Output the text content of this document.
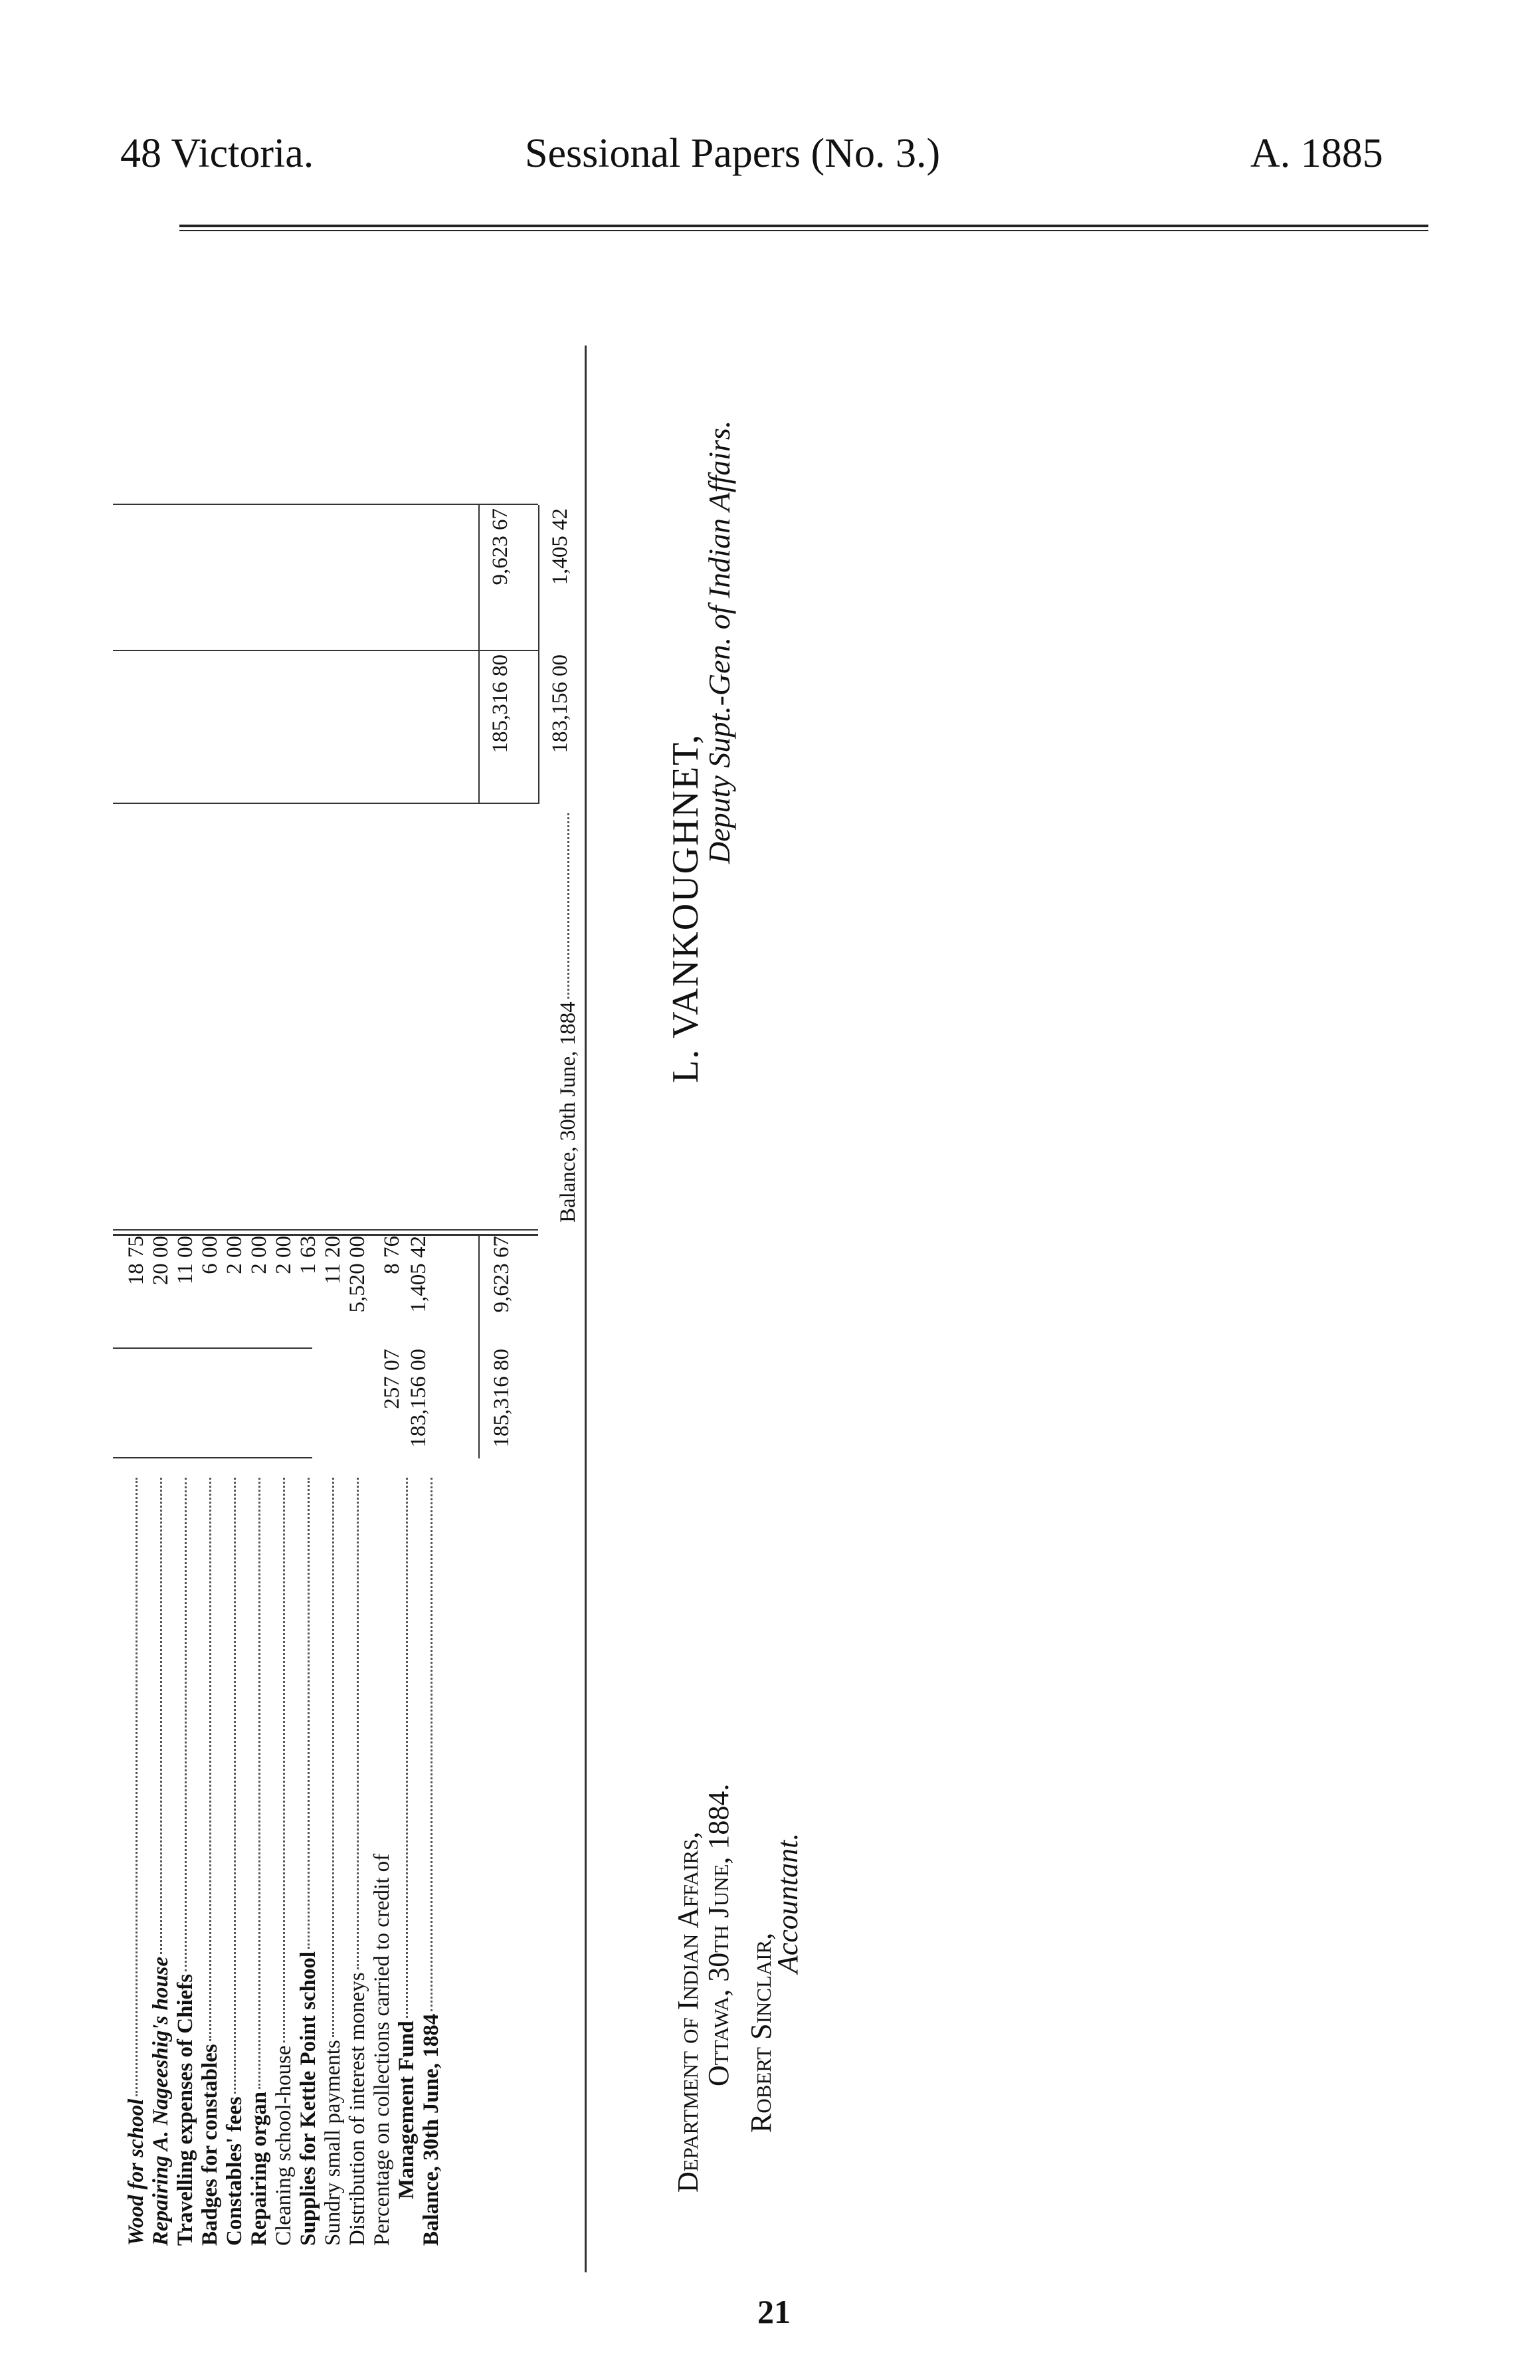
48 Victoria.	Sessional Papers (No. 3.)	A. 1885
Wood for school
18 75
Repairing A. Nageeshig's house
20 00
Travelling expenses of Chiefs
11 00
Badges for constables
6 00
Constables' fees
2 00
Repairing organ
2 00
Cleaning school-house
2 00
Supplies for Kettle Point school
1 63
Sundry small payments
11 20
Distribution of interest moneys
5,520 00
Percentage on collections carried to credit of Management Fund
257 07
8 76
Balance, 30th June, 1884
183,156 00
1,405 42
185,316 80
9,623 67
Balance, 30th June, 1884
185,316 80
9,623 67
183,156 00
1,405 42
Department of Indian Affairs,
Ottawa, 30th June, 1884. Robert Sinclair,
Accountant.
L. VANKOUGHNET,
Deputy Supt.-Gen. of Indian Affairs.
21
